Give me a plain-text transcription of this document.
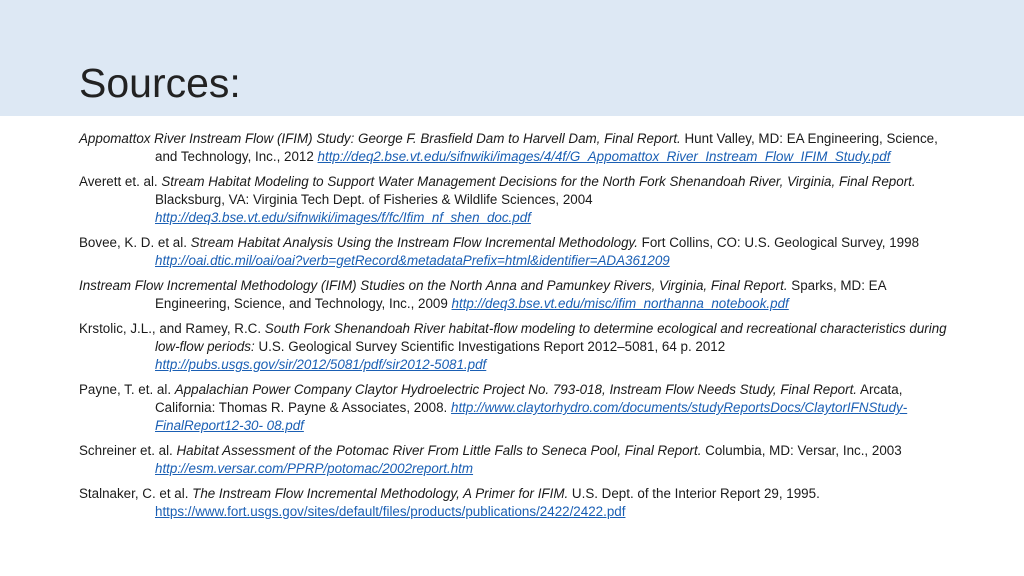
Sources:

Appomattox River Instream Flow (IFIM) Study: George F. Brasfield Dam to Harvell Dam, Final Report. Hunt Valley, MD: EA Engineering, Science, and Technology, Inc., 2012 http://deq2.bse.vt.edu/sifnwiki/images/4/4f/G_Appomattox_River_Instream_Flow_IFIM_Study.pdf

Averett et. al. Stream Habitat Modeling to Support Water Management Decisions for the North Fork Shenandoah River, Virginia, Final Report. Blacksburg, VA: Virginia Tech Dept. of Fisheries & Wildlife Sciences, 2004 http://deq3.bse.vt.edu/sifnwiki/images/f/fc/Ifim_nf_shen_doc.pdf

Bovee, K. D. et al. Stream Habitat Analysis Using the Instream Flow Incremental Methodology. Fort Collins, CO: U.S. Geological Survey, 1998 http://oai.dtic.mil/oai/oai?verb=getRecord&metadataPrefix=html&identifier=ADA361209

Instream Flow Incremental Methodology (IFIM) Studies on the North Anna and Pamunkey Rivers, Virginia, Final Report. Sparks, MD: EA Engineering, Science, and Technology, Inc., 2009 http://deq3.bse.vt.edu/misc/ifim_northanna_notebook.pdf

Krstolic, J.L., and Ramey, R.C. South Fork Shenandoah River habitat-flow modeling to determine ecological and recreational characteristics during low-flow periods: U.S. Geological Survey Scientific Investigations Report 2012–5081, 64 p. 2012 http://pubs.usgs.gov/sir/2012/5081/pdf/sir2012-5081.pdf

Payne, T. et. al. Appalachian Power Company Claytor Hydroelectric Project No. 793-018, Instream Flow Needs Study, Final Report. Arcata, California: Thomas R. Payne & Associates, 2008. http://www.claytorhydro.com/documents/studyReportsDocs/ClaytorIFNStudy-FinalReport12-30- 08.pdf

Schreiner et. al. Habitat Assessment of the Potomac River From Little Falls to Seneca Pool, Final Report. Columbia, MD: Versar, Inc., 2003 http://esm.versar.com/PPRP/potomac/2002report.htm

Stalnaker, C. et al. The Instream Flow Incremental Methodology, A Primer for IFIM. U.S. Dept. of the Interior Report 29, 1995. https://www.fort.usgs.gov/sites/default/files/products/publications/2422/2422.pdf
